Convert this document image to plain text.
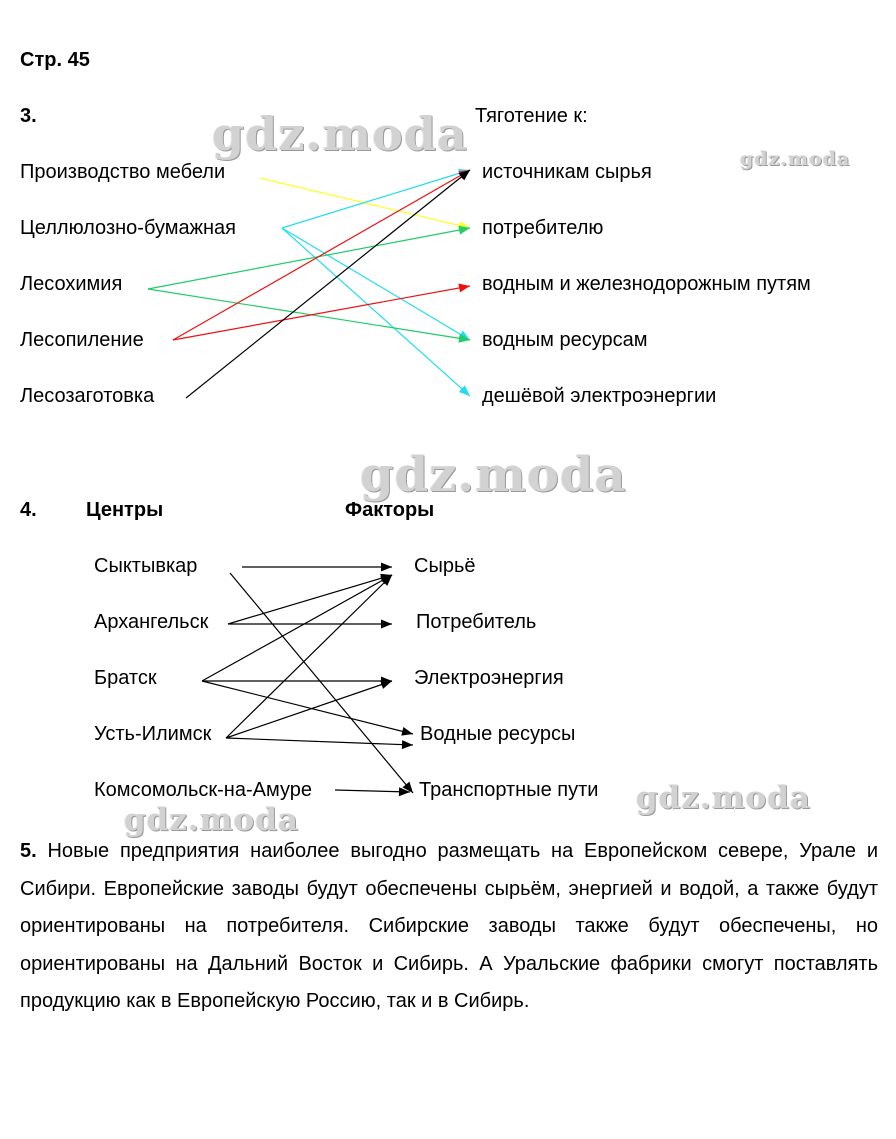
Стр. 45
3.	Тяготение к:
Производство мебели
Целлюлозно-бумажная
Лесохимия
Лесопиление
Лесозаготовка
источникам сырья
потребителю
водным и железнодорожным путям
водным ресурсам
дешёвой электроэнергии
4. Центры	Факторы
Сыктывкар
Архангельск
Братск
Усть-Илимск
Комсомольск-на-Амуре
Сырьё
Потребитель
Электроэнергия
Водные ресурсы
Транспортные пути
5. Новые предприятия наиболее выгодно размещать на Европейском севере, Урале и Сибири. Европейские заводы будут обеспечены сырьём, энергией и водой, а также будут ориентированы на потребителя. Сибирские заводы также будут обеспечены, но ориентированы на Дальний Восток и Сибирь. А Уральские фабрики смогут поставлять продукцию как в Европейскую Россию, так и в Сибирь.
gdz.moda	gdz.moda
gdz.moda
gdz.moda
gdz.moda
